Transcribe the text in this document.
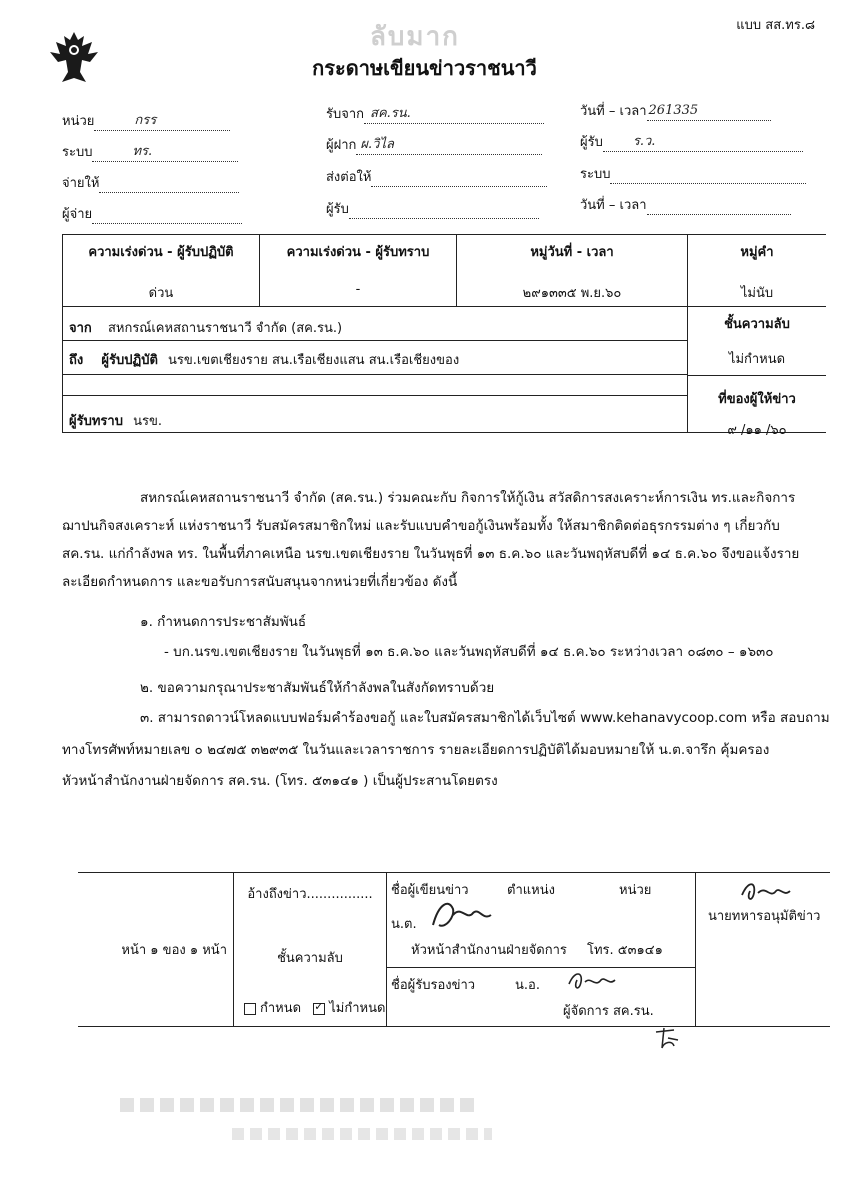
แบบ สส.ทร.๘
ลับมาก
กระดาษเขียนข่าวราชนาวี
หน่วย	กรร
ระบบ	ทร.
จ่ายให้
ผู้จ่าย
รับจาก สค.รน.
ผู้ฝาก ผ.วิไล
ส่งต่อให้
ผู้รับ
วันที่ – เวลา 261335
ผู้รับ ร.ว.
ระบบ
วันที่ – เวลา
ความเร่งด่วน - ผู้รับปฏิบัติ
ด่วน

ความเร่งด่วน - ผู้รับทราบ
-

หมู่วันที่ - เวลา
๒๙๑๓๓๕ พ.ย.๖๐

หมู่คำ
ไม่นับ

จาก สหกรณ์เคหสถานราชนาวี จำกัด (สค.รน.)
ถึง ผู้รับปฏิบัติ นรข.เขตเชียงราย สน.เรือเชียงแสน สน.เรือเชียงของ
ผู้รับทราบ นรข.

ชั้นความลับ
ไม่กำหนด
ที่ของผู้ให้ข่าว
๙ /๑๑ /๖๐
สหกรณ์เคหสถานราชนาวี จำกัด (สค.รน.) ร่วมคณะกับ กิจการให้กู้เงิน สวัสดิการสงเคราะห์การเงิน ทร.และกิจการฌาปนกิจสงเคราะห์ แห่งราชนาวี รับสมัครสมาชิกใหม่ และรับแบบคำขอกู้เงินพร้อมทั้ง ให้สมาชิกติดต่อธุรกรรมต่าง ๆ เกี่ยวกับ สค.รน. แก่กำลังพล ทร. ในพื้นที่ภาคเหนือ นรข.เขตเชียงราย ในวันพุธที่ ๑๓ ธ.ค.๖๐ และวันพฤหัสบดีที่ ๑๔ ธ.ค.๖๐ จึงขอแจ้งรายละเอียดกำหนดการ และขอรับการสนับสนุนจากหน่วยที่เกี่ยวข้อง ดังนี้
๑. กำหนดการประชาสัมพันธ์
- บก.นรข.เขตเชียงราย ในวันพุธที่ ๑๓ ธ.ค.๖๐ และวันพฤหัสบดีที่ ๑๔ ธ.ค.๖๐ ระหว่างเวลา ๐๘๓๐ – ๑๖๓๐
๒. ขอความกรุณาประชาสัมพันธ์ให้กำลังพลในสังกัดทราบด้วย
๓. สามารถดาวน์โหลดแบบฟอร์มคำร้องขอกู้ และใบสมัครสมาชิกได้เว็บไซต์ www.kehanavycoop.com หรือ สอบถาม
ทางโทรศัพท์หมายเลข ๐ ๒๔๗๕ ๓๒๙๓๕ ในวันและเวลาราชการ รายละเอียดการปฏิบัติได้มอบหมายให้ น.ต.จารึก คุ้มครอง
หัวหน้าสำนักงานฝ่ายจัดการ สค.รน. (โทร. ๕๓๑๔๑ ) เป็นผู้ประสานโดยตรง
หน้า ๑ ของ ๑ หน้า	
อ้างถึงข่าว................
ชั้นความลับ
กำหนด ✓ ไม่กำหนด

ชื่อผู้เขียนข่าว	ตำแหน่ง	หน่วย
น.ต.
หัวหน้าสำนักงานฝ่ายจัดการ โทร. ๕๓๑๔๑

นายทหารอนุมัติข่าว

ชื่อผู้รับรองข่าว	น.อ.
ผู้จัดการ สค.รน.
